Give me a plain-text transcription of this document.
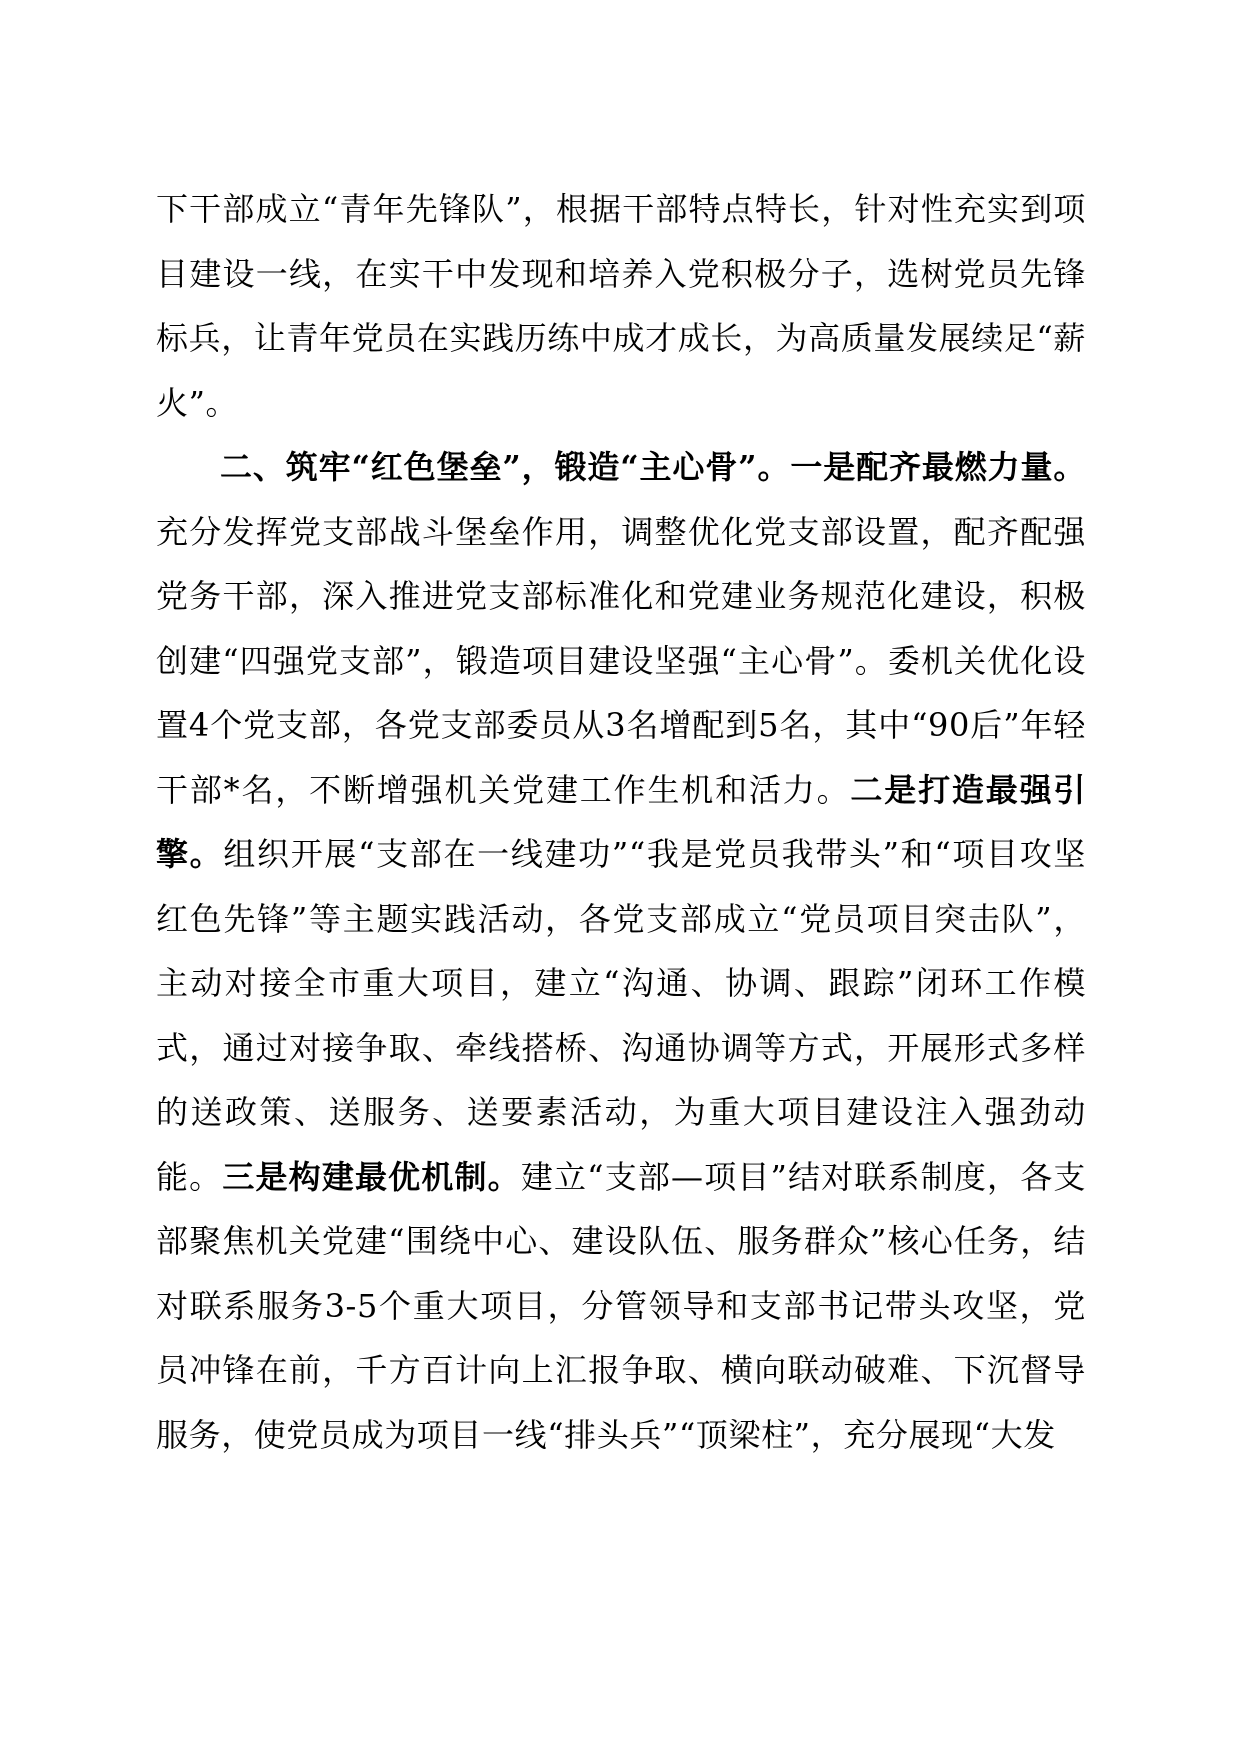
下干部成立“青年先锋队”，根据干部特点特长，针对性充实到项目建设一线，在实干中发现和培养入党积极分子，选树党员先锋标兵，让青年党员在实践历练中成才成长，为高质量发展续足“薪火”。

二、筑牢“红色堡垒”，锻造“主心骨”。一是配齐最燃力量。充分发挥党支部战斗堡垒作用，调整优化党支部设置，配齐配强党务干部，深入推进党支部标准化和党建业务规范化建设，积极创建“四强党支部”，锻造项目建设坚强“主心骨”。委机关优化设置4个党支部，各党支部委员从3名增配到5名，其中“90后”年轻干部*名，不断增强机关党建工作生机和活力。二是打造最强引擎。组织开展“支部在一线建功”“我是党员我带头”和“项目攻坚红色先锋”等主题实践活动，各党支部成立“党员项目突击队”，主动对接全市重大项目，建立“沟通、协调、跟踪”闭环工作模式，通过对接争取、牵线搭桥、沟通协调等方式，开展形式多样的送政策、送服务、送要素活动，为重大项目建设注入强劲动能。三是构建最优机制。建立“支部—项目”结对联系制度，各支部聚焦机关党建“围绕中心、建设队伍、服务群众”核心任务，结对联系服务3-5个重大项目，分管领导和支部书记带头攻坚，党员冲锋在前，千方百计向上汇报争取、横向联动破难、下沉督导服务，使党员成为项目一线“排头兵”“顶梁柱”，充分展现“大发
